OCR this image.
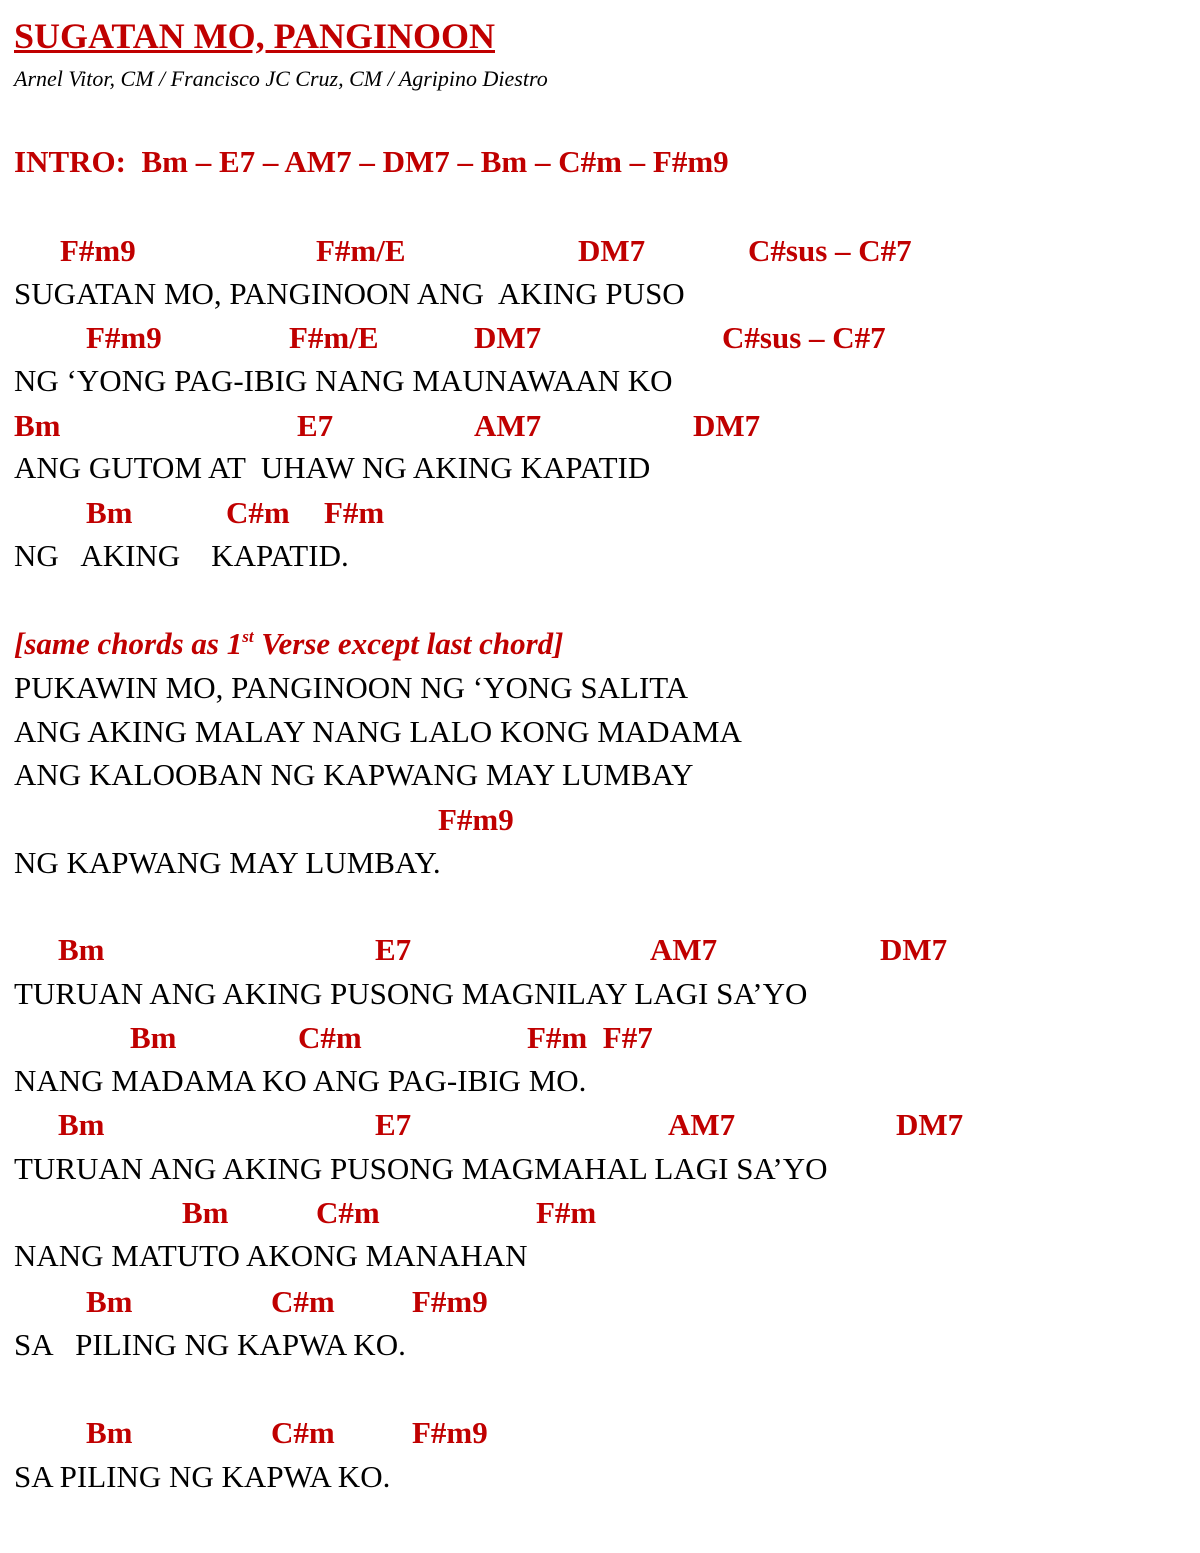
SUGATAN MO, PANGINOON
Arnel Vitor, CM / Francisco JC Cruz, CM / Agripino Diestro
INTRO:  Bm – E7 – AM7 – DM7 – Bm – C#m – F#m9
F#m9	F#m/E	DM7	C#sus – C#7
SUGATAN MO, PANGINOON ANG  AKING PUSO
F#m9	F#m/E	DM7	C#sus – C#7
NG ‘YONG PAG-IBIG NANG MAUNAWAAN KO
Bm	E7	AM7	DM7
ANG GUTOM AT  UHAW NG AKING KAPATID
Bm	C#m F#m
NG   AKING    KAPATID.
[same chords as 1st Verse except last chord]
PUKAWIN MO, PANGINOON NG ‘YONG SALITA
ANG AKING MALAY NANG LALO KONG MADAMA
ANG KALOOBAN NG KAPWANG MAY LUMBAY
F#m9
NG KAPWANG MAY LUMBAY.
Bm	E7	AM7	DM7
TURUAN ANG AKING PUSONG MAGNILAY LAGI SA’YO
Bm	C#m	F#m  F#7
NANG MADAMA KO ANG PAG-IBIG MO.
Bm	E7	AM7	DM7
TURUAN ANG AKING PUSONG MAGMAHAL LAGI SA’YO
Bm	C#m	F#m
NANG MATUTO AKONG MANAHAN
Bm	C#m F#m9
SA   PILING NG KAPWA KO.
Bm	C#m F#m9
SA PILING NG KAPWA KO.
